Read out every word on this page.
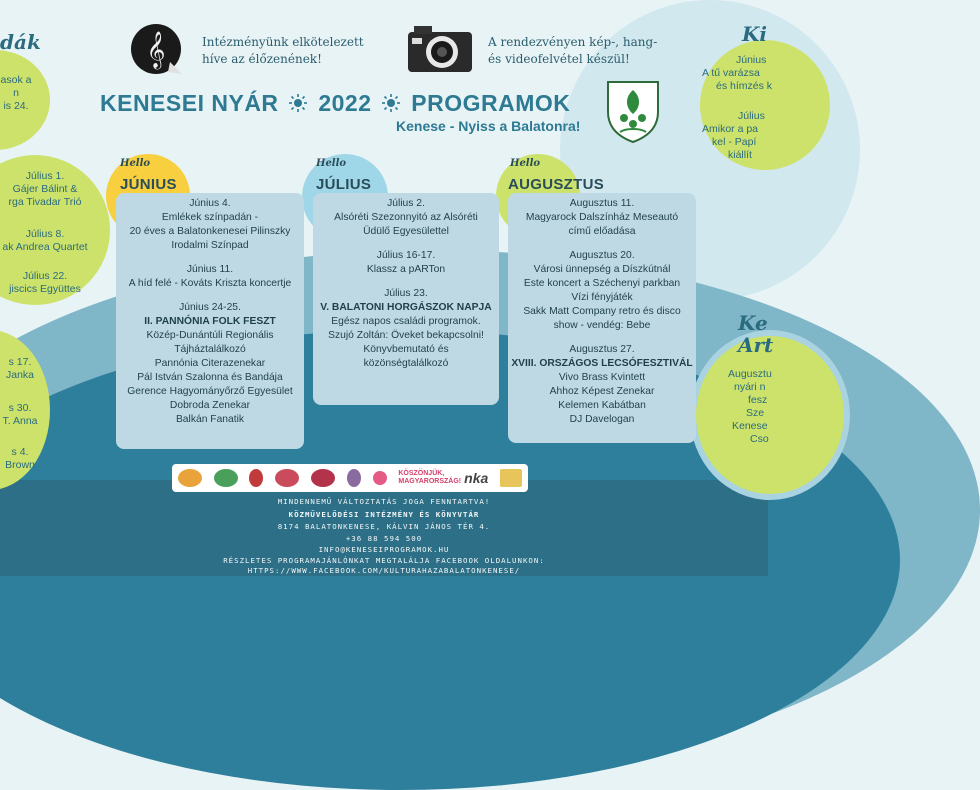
dák
asok a
n
is 24.
Július 1.
Gájer Bálint &
rga Tivadar Trió
Július 8.
ak Andrea Quartet
Július 22.
jiscics Együttes
s 17.
Janka
s 30.
T. Anna
s 4.
Brown
Ki
Június
A tű varázsa
és hímzés k
Július
Amikor a pa
kel - Papí
kiállít
Ke
Art
Augusztu
nyári n
fesz
Sze
Kenese
Cso
𝄞	Intézményünk elkötelezett
híve az élőzenének!
A rendezvényen kép-, hang-
és videofelvétel készül!
KENESEI NYÁR 2022 PROGRAMOK
Kenese - Nyiss a Balatonra!
Hello
JÚNIUS
Hello
JÚLIUS
Hello
AUGUSZTUS
Június 4.
Emlékek színpadán -
20 éves a Balatonkenesei Pilinszky
Irodalmi Színpad
Június 11.
A híd felé - Kováts Kriszta koncertje
Június 24-25.
II. PANNÓNIA FOLK FESZT
Közép-Dunántúli Regionális
Tájháztalálkozó
Pannónia Citerazenekar
Pál István Szalonna és Bandája
Gerence Hagyományőrző Egyesület
Dobroda Zenekar
Balkán Fanatik
Július 2.
Alsóréti Szezonnyitó az Alsóréti
Üdülő Egyesülettel
Július 16-17.
Klassz a pARTon
Július 23.
V. BALATONI HORGÁSZOK NAPJA
Egész napos családi programok.
Szujó Zoltán: Öveket bekapcsolni!
Könyvbemutató és
közönségtalálkozó
Augusztus 11.
Magyarock Dalszínház Meseautó
című előadása
Augusztus 20.
Városi ünnepség a Díszkútnál
Este koncert a Széchenyi parkban
Vízi fényjáték
Sakk Matt Company retro és disco
show - vendég: Bebe
Augusztus 27.
XVIII. ORSZÁGOS LECSÓFESZTIVÁL
Vivo Brass Kvintett
Ahhoz Képest Zenekar
Kelemen Kabátban
DJ Davelogan
KÖSZÖNJÜK, MAGYARORSZÁG! nka
MINDENNEMŰ VÁLTOZTATÁS JOGA FENNTARTVA!
KÖZMŰVELŐDÉSI INTÉZMÉNY ÉS KÖNYVTÁR
8174 BALATONKENESE, KÁLVIN JÁNOS TÉR 4.
+36 88 594 500
INFO@KENESEIPROGRAMOK.HU
RÉSZLETES PROGRAMAJÁNLÓNKAT MEGTALÁLJA FACEBOOK OLDALUNKON:
HTTPS://WWW.FACEBOOK.COM/KULTURAHAZABALATONKENESE/
